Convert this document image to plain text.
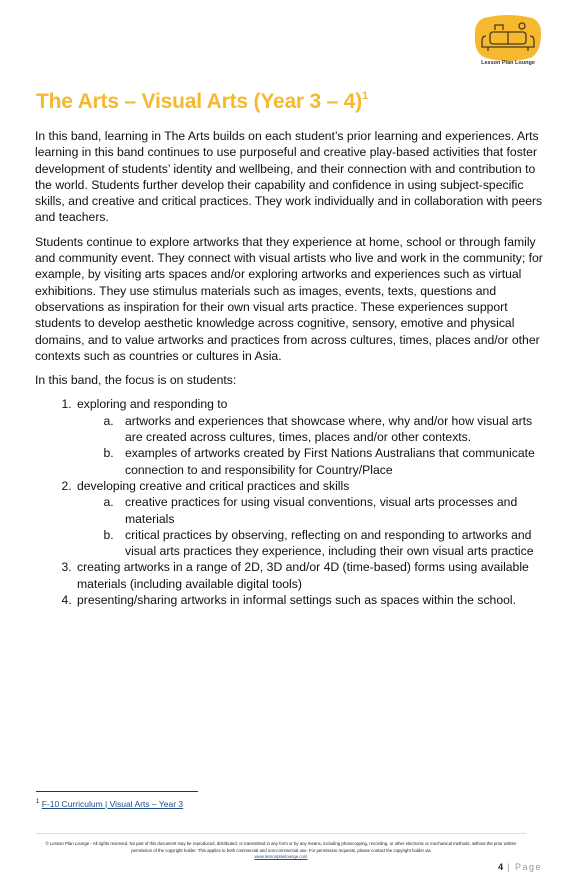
Lesson Plan Lounge
The Arts – Visual Arts (Year 3 – 4)$^1$

In this band, learning in The Arts builds on each student’s prior learning and experiences. Arts learning in this band continues to use purposeful and creative play-based activities that foster development of students’ identity and wellbeing, and their connection with and contribution to the world. Students further develop their capability and confidence in using subject-specific skills, and creative and critical practices. They work individually and in collaboration with peers and teachers.

Students continue to explore artworks that they experience at home, school or through family and community event. They connect with visual artists who live and work in the community; for example, by visiting arts spaces and/or exploring artworks and experiences such as virtual exhibitions. They use stimulus materials such as images, events, texts, questions and observations as inspiration for their own visual arts practice. These experiences support students to develop aesthetic knowledge across cognitive, sensory, emotive and physical domains, and to value artworks and practices from across cultures, times, places and/or other contexts such as countries or cultures in Asia.

In this band, the focus is on students:

1. exploring and responding to
a. artworks and experiences that showcase where, why and/or how visual arts are created across cultures, times, places and/or other contexts.
b. examples of artworks created by First Nations Australians that communicate connection to and responsibility for Country/Place
2. developing creative and critical practices and skills
a. creative practices for using visual conventions, visual arts processes and materials
b. critical practices by observing, reflecting on and responding to artworks and visual arts practices they experience, including their own visual arts practice
3. creating artworks in a range of 2D, 3D and/or 4D (time-based) forms using available materials (including available digital tools)
4. presenting/sharing artworks in informal settings such as spaces within the school.
$^1$ F-10 Curriculum | Visual Arts – Year 3
© Lesson Plan Lounge - All rights reserved. No part of this document may be reproduced, distributed, or transmitted in any form or by any means, including photocopying, recording, or other electronic or mechanical methods, without the prior written permission of the copyright holder. This applies to both commercial and non-commercial use. For permission requests, please contact the copyright holder via
www.lessonplanlounge.com
4 | Page
